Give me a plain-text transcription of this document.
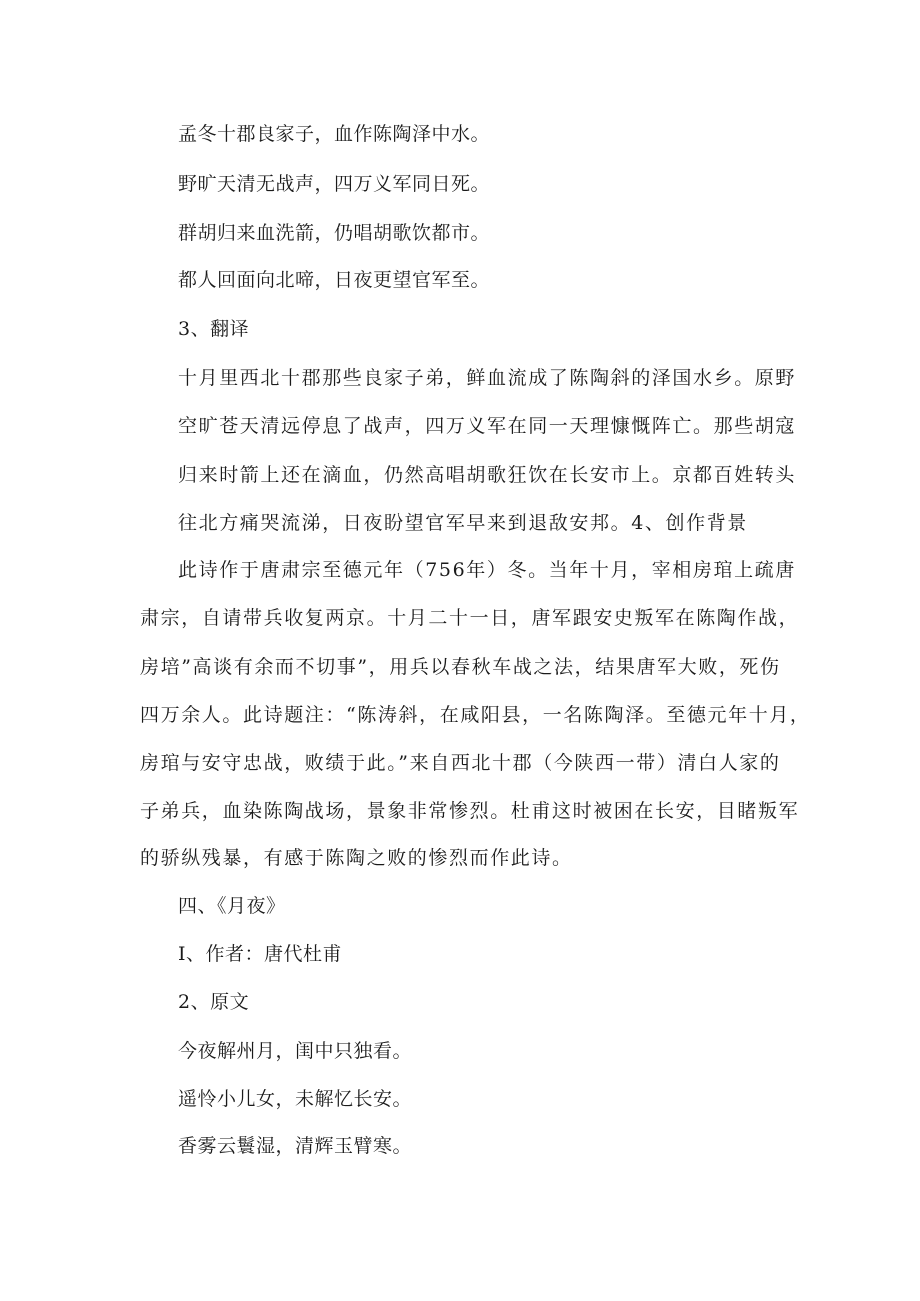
孟冬十郡良家子，血作陈陶泽中水。
野旷天清无战声，四万义军同日死。
群胡归来血洗箭，仍唱胡歌饮都市。
都人回面向北啼，日夜更望官军至。
3、翻译
十月里西北十郡那些良家子弟，鲜血流成了陈陶斜的泽国水乡。原野
空旷苍天清远停息了战声，四万义军在同一天理慷慨阵亡。那些胡寇
归来时箭上还在滴血，仍然高唱胡歌狂饮在长安市上。京都百姓转头
往北方痛哭流涕，日夜盼望官军早来到退敌安邦。4、创作背景
此诗作于唐肃宗至德元年（756年）冬。当年十月，宰相房琯上疏唐
肃宗，自请带兵收复两京。十月二十一日，唐军跟安史叛军在陈陶作战，
房培”高谈有余而不切事”，用兵以春秋车战之法，结果唐军大败，死伤
四万余人。此诗题注：“陈涛斜，在咸阳县，一名陈陶泽。至德元年十月，
房琯与安守忠战，败绩于此。”来自西北十郡（今陕西一带）清白人家的
子弟兵，血染陈陶战场，景象非常惨烈。杜甫这时被困在长安，目睹叛军
的骄纵残暴，有感于陈陶之败的惨烈而作此诗。
四、《月夜》
I、作者：唐代杜甫
2、原文
今夜解州月，闺中只独看。
遥怜小儿女，未解忆长安。
香雾云鬟湿，清辉玉臂寒。
